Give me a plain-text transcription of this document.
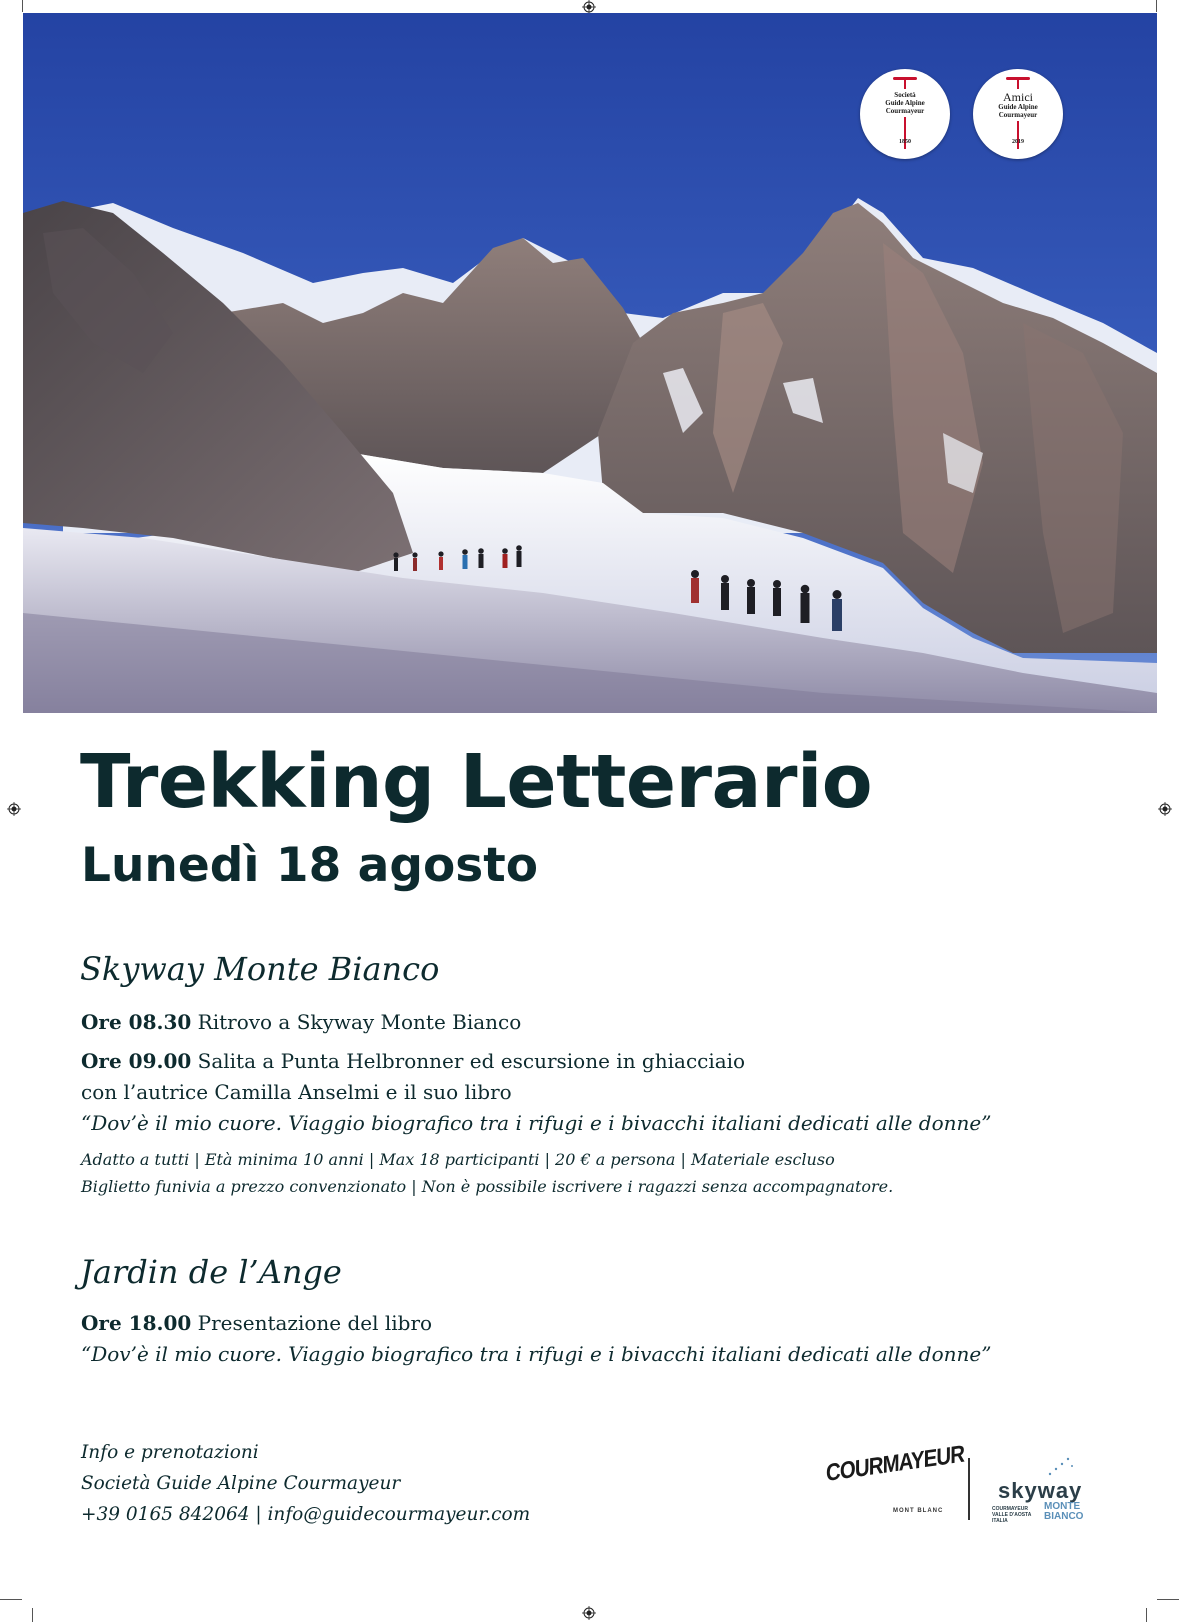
Società
Guide Alpine
Courmayeur
1850
Amici
Guide Alpine
Courmayeur
2019
Trekking Letterario
Lunedì 18 agosto
Skyway Monte Bianco

Ore 08.30 Ritrovo a Skyway Monte Bianco

Ore 09.00 Salita a Punta Helbronner ed escursione in ghiacciaio

con l’autrice Camilla Anselmi e il suo libro

“Dov’è il mio cuore. Viaggio biografico tra i rifugi e i bivacchi italiani dedicati alle donne”

Adatto a tutti | Età minima 10 anni | Max 18 participanti | 20 € a persona | Materiale escluso

Biglietto funivia a prezzo convenzionato | Non è possibile iscrivere i ragazzi senza accompagnatore.

Jardin de l’Ange

Ore 18.00 Presentazione del libro

“Dov’è il mio cuore. Viaggio biografico tra i rifugi e i bivacchi italiani dedicati alle donne”

Info e prenotazioni
Società Guide Alpine Courmayeur
+39 0165 842064 | info@guidecourmayeur.com
COURMAYEUR
MONT BLANC
skyway
COURMAYEUR VALLE D'AOSTA ITALIA
MONTE BIANCO
